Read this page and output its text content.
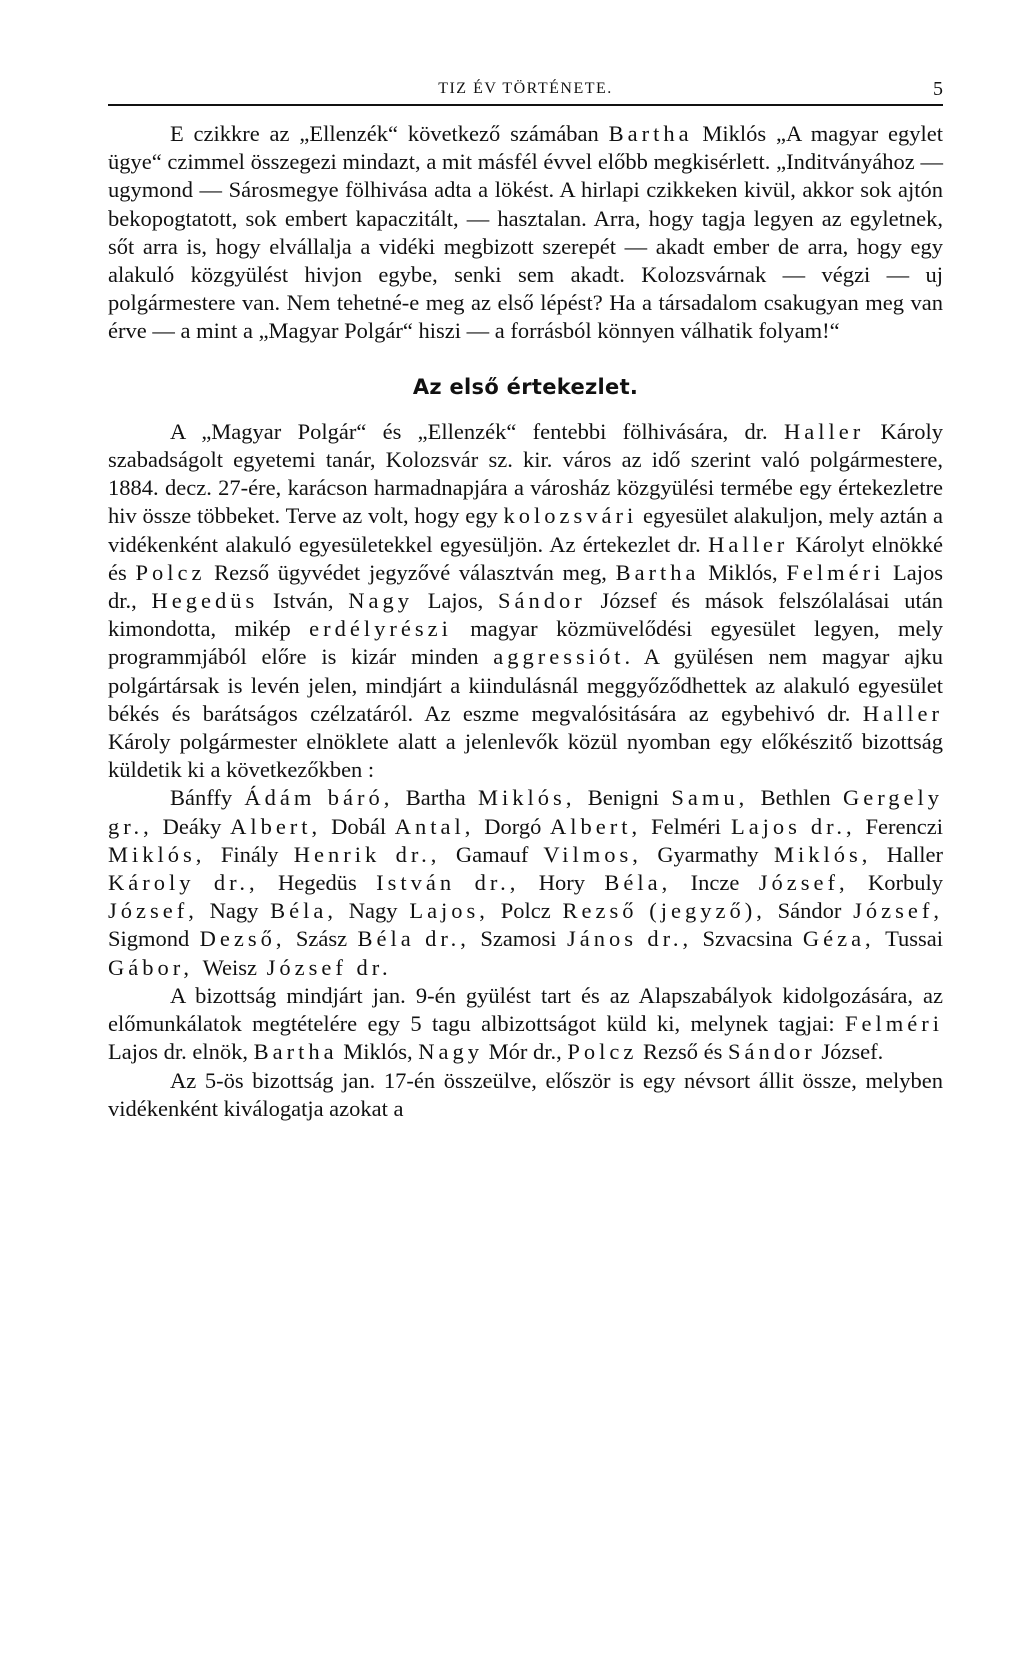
TIZ ÉV TÖRTÉNETE.	5

E czikkre az „Ellenzék“ következő számában Bartha Miklós „A magyar egylet ügye“ czimmel összegezi mindazt, a mit másfél évvel előbb megkisérlett. „Inditványához — ugymond — Sárosmegye fölhivása adta a lökést. A hirlapi czikkeken kivül, akkor sok ajtón bekopogtatott, sok embert kapaczitált, — hasztalan. Arra, hogy tagja legyen az egyletnek, sőt arra is, hogy elvállalja a vidéki megbizott szerepét — akadt ember de arra, hogy egy alakuló közgyülést hivjon egybe, senki sem akadt. Kolozsvárnak — végzi — uj polgármestere van. Nem tehetné-e meg az első lépést? Ha a társadalom csakugyan meg van érve — a mint a „Magyar Polgár“ hiszi — a forrásból könnyen válhatik folyam!“

Az első értekezlet.

A „Magyar Polgár“ és „Ellenzék“ fentebbi fölhivására, dr. Haller Károly szabadságolt egyetemi tanár, Kolozsvár sz. kir. város az idő szerint való polgármestere, 1884. decz. 27-ére, karácson harmadnapjára a városház közgyülési termébe egy értekezletre hiv össze többeket. Terve az volt, hogy egy kolozsvári egyesület alakuljon, mely aztán a vidékenként alakuló egyesületekkel egyesüljön. Az értekezlet dr. Haller Károlyt elnökké és Polcz Rezső ügyvédet jegyzővé választván meg, Bartha Miklós, Felméri Lajos dr., Hegedüs István, Nagy Lajos, Sándor József és mások felszólalásai után kimondotta, mikép erdélyrészi magyar közmüvelődési egyesület legyen, mely programmjából előre is kizár minden aggressiót. A gyülésen nem magyar ajku polgártársak is levén jelen, mindjárt a kiindulásnál meggyőződhettek az alakuló egyesület békés és barátságos czélzatáról. Az eszme megvalósitására az egybehivó dr. Haller Károly polgármester elnöklete alatt a jelenlevők közül nyomban egy előkészitő bizottság küldetik ki a következőkben :

Bánffy Ádám báró, Bartha Miklós, Benigni Samu, Bethlen Gergely gr., Deáky Albert, Dobál Antal, Dorgó Albert, Felméri Lajos dr., Ferenczi Miklós, Finály Henrik dr., Gamauf Vilmos, Gyarmathy Miklós, Haller Károly dr., Hegedüs István dr., Hory Béla, Incze József, Korbuly József, Nagy Béla, Nagy Lajos, Polcz Rezső (jegyző), Sándor József, Sigmond Dezső, Szász Béla dr., Szamosi János dr., Szvacsina Géza, Tussai Gábor, Weisz József dr.

A bizottság mindjárt jan. 9-én gyülést tart és az Alapszabályok kidolgozására, az előmunkálatok megtételére egy 5 tagu albizottságot küld ki, melynek tagjai: Felméri Lajos dr. elnök, Bartha Miklós, Nagy Mór dr., Polcz Rezső és Sándor József.

Az 5-ös bizottság jan. 17-én összeülve, először is egy névsort állit össze, melyben vidékenként kiválogatja azokat a
